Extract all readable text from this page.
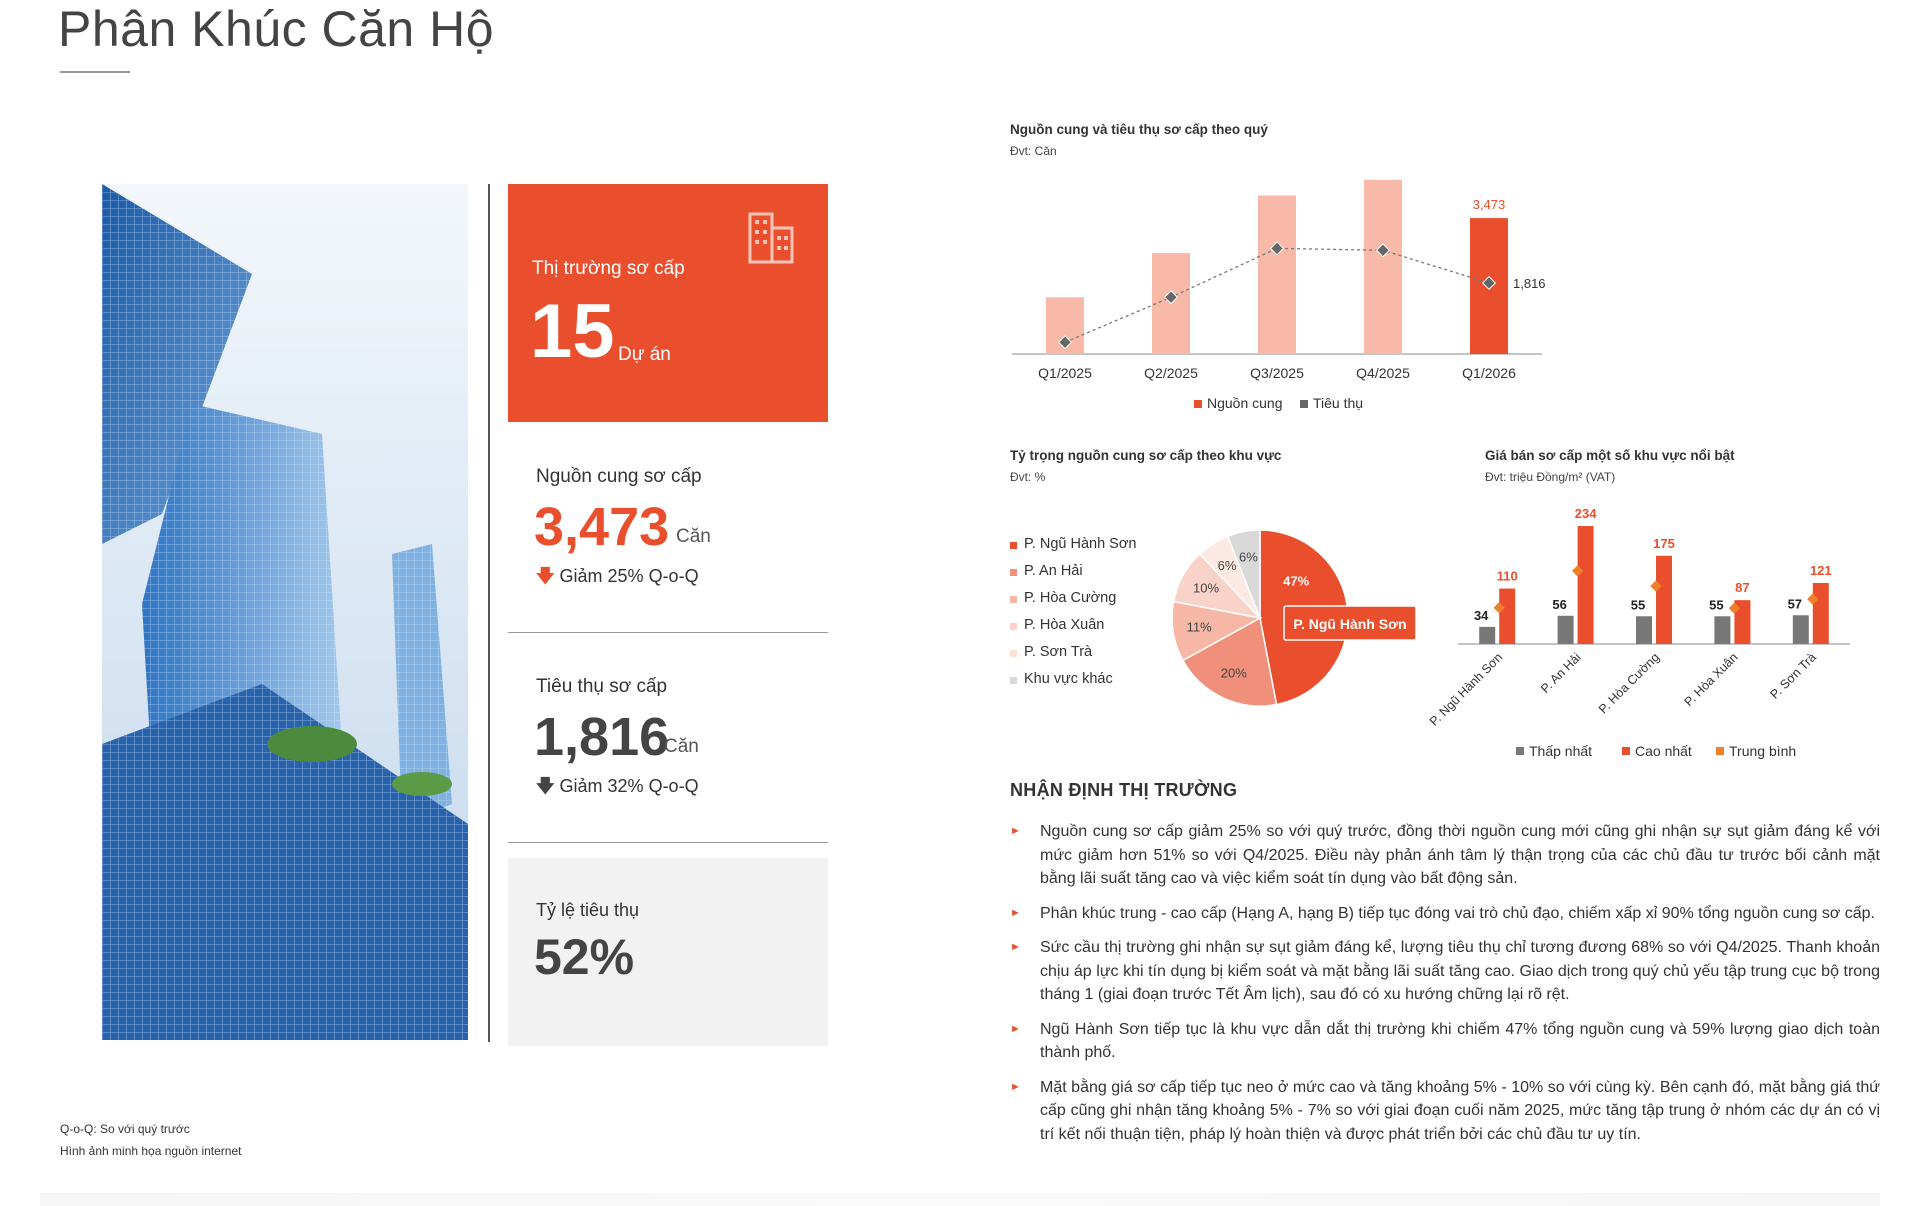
Phân Khúc Căn Hộ
Thị trường sơ cấp
15 Dự án
Nguồn cung sơ cấp
3,473 Căn
🡇 Giảm 25% Q-o-Q
Tiêu thụ sơ cấp
1,816
Căn
🡇 Giảm 32% Q-o-Q
Tỷ lệ tiêu thụ
52%
Q-o-Q: So với quý trước
Hình ảnh minh họa nguồn internet
Nguồn cung và tiêu thụ sơ cấp theo quý
Đvt: Căn
Q1/2025	Q2/2025	Q3/2025	Q4/2025	Q1/2026
3,473
1,816
Nguồn cung Tiêu thụ
Tỷ trọng nguồn cung sơ cấp theo khu vực
Đvt: %
P. Ngũ Hành Sơn
P. An Hải
P. Hòa Cường
P. Hòa Xuân
P. Sơn Trà
Khu vực khác
47%
20%
11%
10%
6%
6%
P. Ngũ Hành Sơn
Giá bán sơ cấp một số khu vực nổi bật
Đvt: triệu Đồng/m² (VAT)
34
110
P. Ngũ Hành Sơn
56
234
P. An Hải
55
175
P. Hòa Cường
55
87
P. Hòa Xuân
57
121
P. Sơn Trà
Thấp nhất	Cao nhất	Trung bình
NHẬN ĐỊNH THỊ TRƯỜNG
► Nguồn cung sơ cấp giảm 25% so với quý trước, đồng thời nguồn cung mới cũng ghi nhận sự sụt giảm đáng kể với mức giảm hơn 51% so với Q4/2025. Điều này phản ánh tâm lý thận trọng của các chủ đầu tư trước bối cảnh mặt bằng lãi suất tăng cao và việc kiểm soát tín dụng vào bất động sản.
► Phân khúc trung - cao cấp (Hạng A, hạng B) tiếp tục đóng vai trò chủ đạo, chiếm xấp xỉ 90% tổng nguồn cung sơ cấp.
► Sức cầu thị trường ghi nhận sự sụt giảm đáng kể, lượng tiêu thụ chỉ tương đương 68% so với Q4/2025. Thanh khoản chịu áp lực khi tín dụng bị kiểm soát và mặt bằng lãi suất tăng cao. Giao dịch trong quý chủ yếu tập trung cục bộ trong tháng 1 (giai đoạn trước Tết Âm lịch), sau đó có xu hướng chững lại rõ rệt.
► Ngũ Hành Sơn tiếp tục là khu vực dẫn dắt thị trường khi chiếm 47% tổng nguồn cung và 59% lượng giao dịch toàn thành phố.
► Mặt bằng giá sơ cấp tiếp tục neo ở mức cao và tăng khoảng 5% - 10% so với cùng kỳ. Bên cạnh đó, mặt bằng giá thứ cấp cũng ghi nhận tăng khoảng 5% - 7% so với giai đoạn cuối năm 2025, mức tăng tập trung ở nhóm các dự án có vị trí kết nối thuận tiện, pháp lý hoàn thiện và được phát triển bởi các chủ đầu tư uy tín.
